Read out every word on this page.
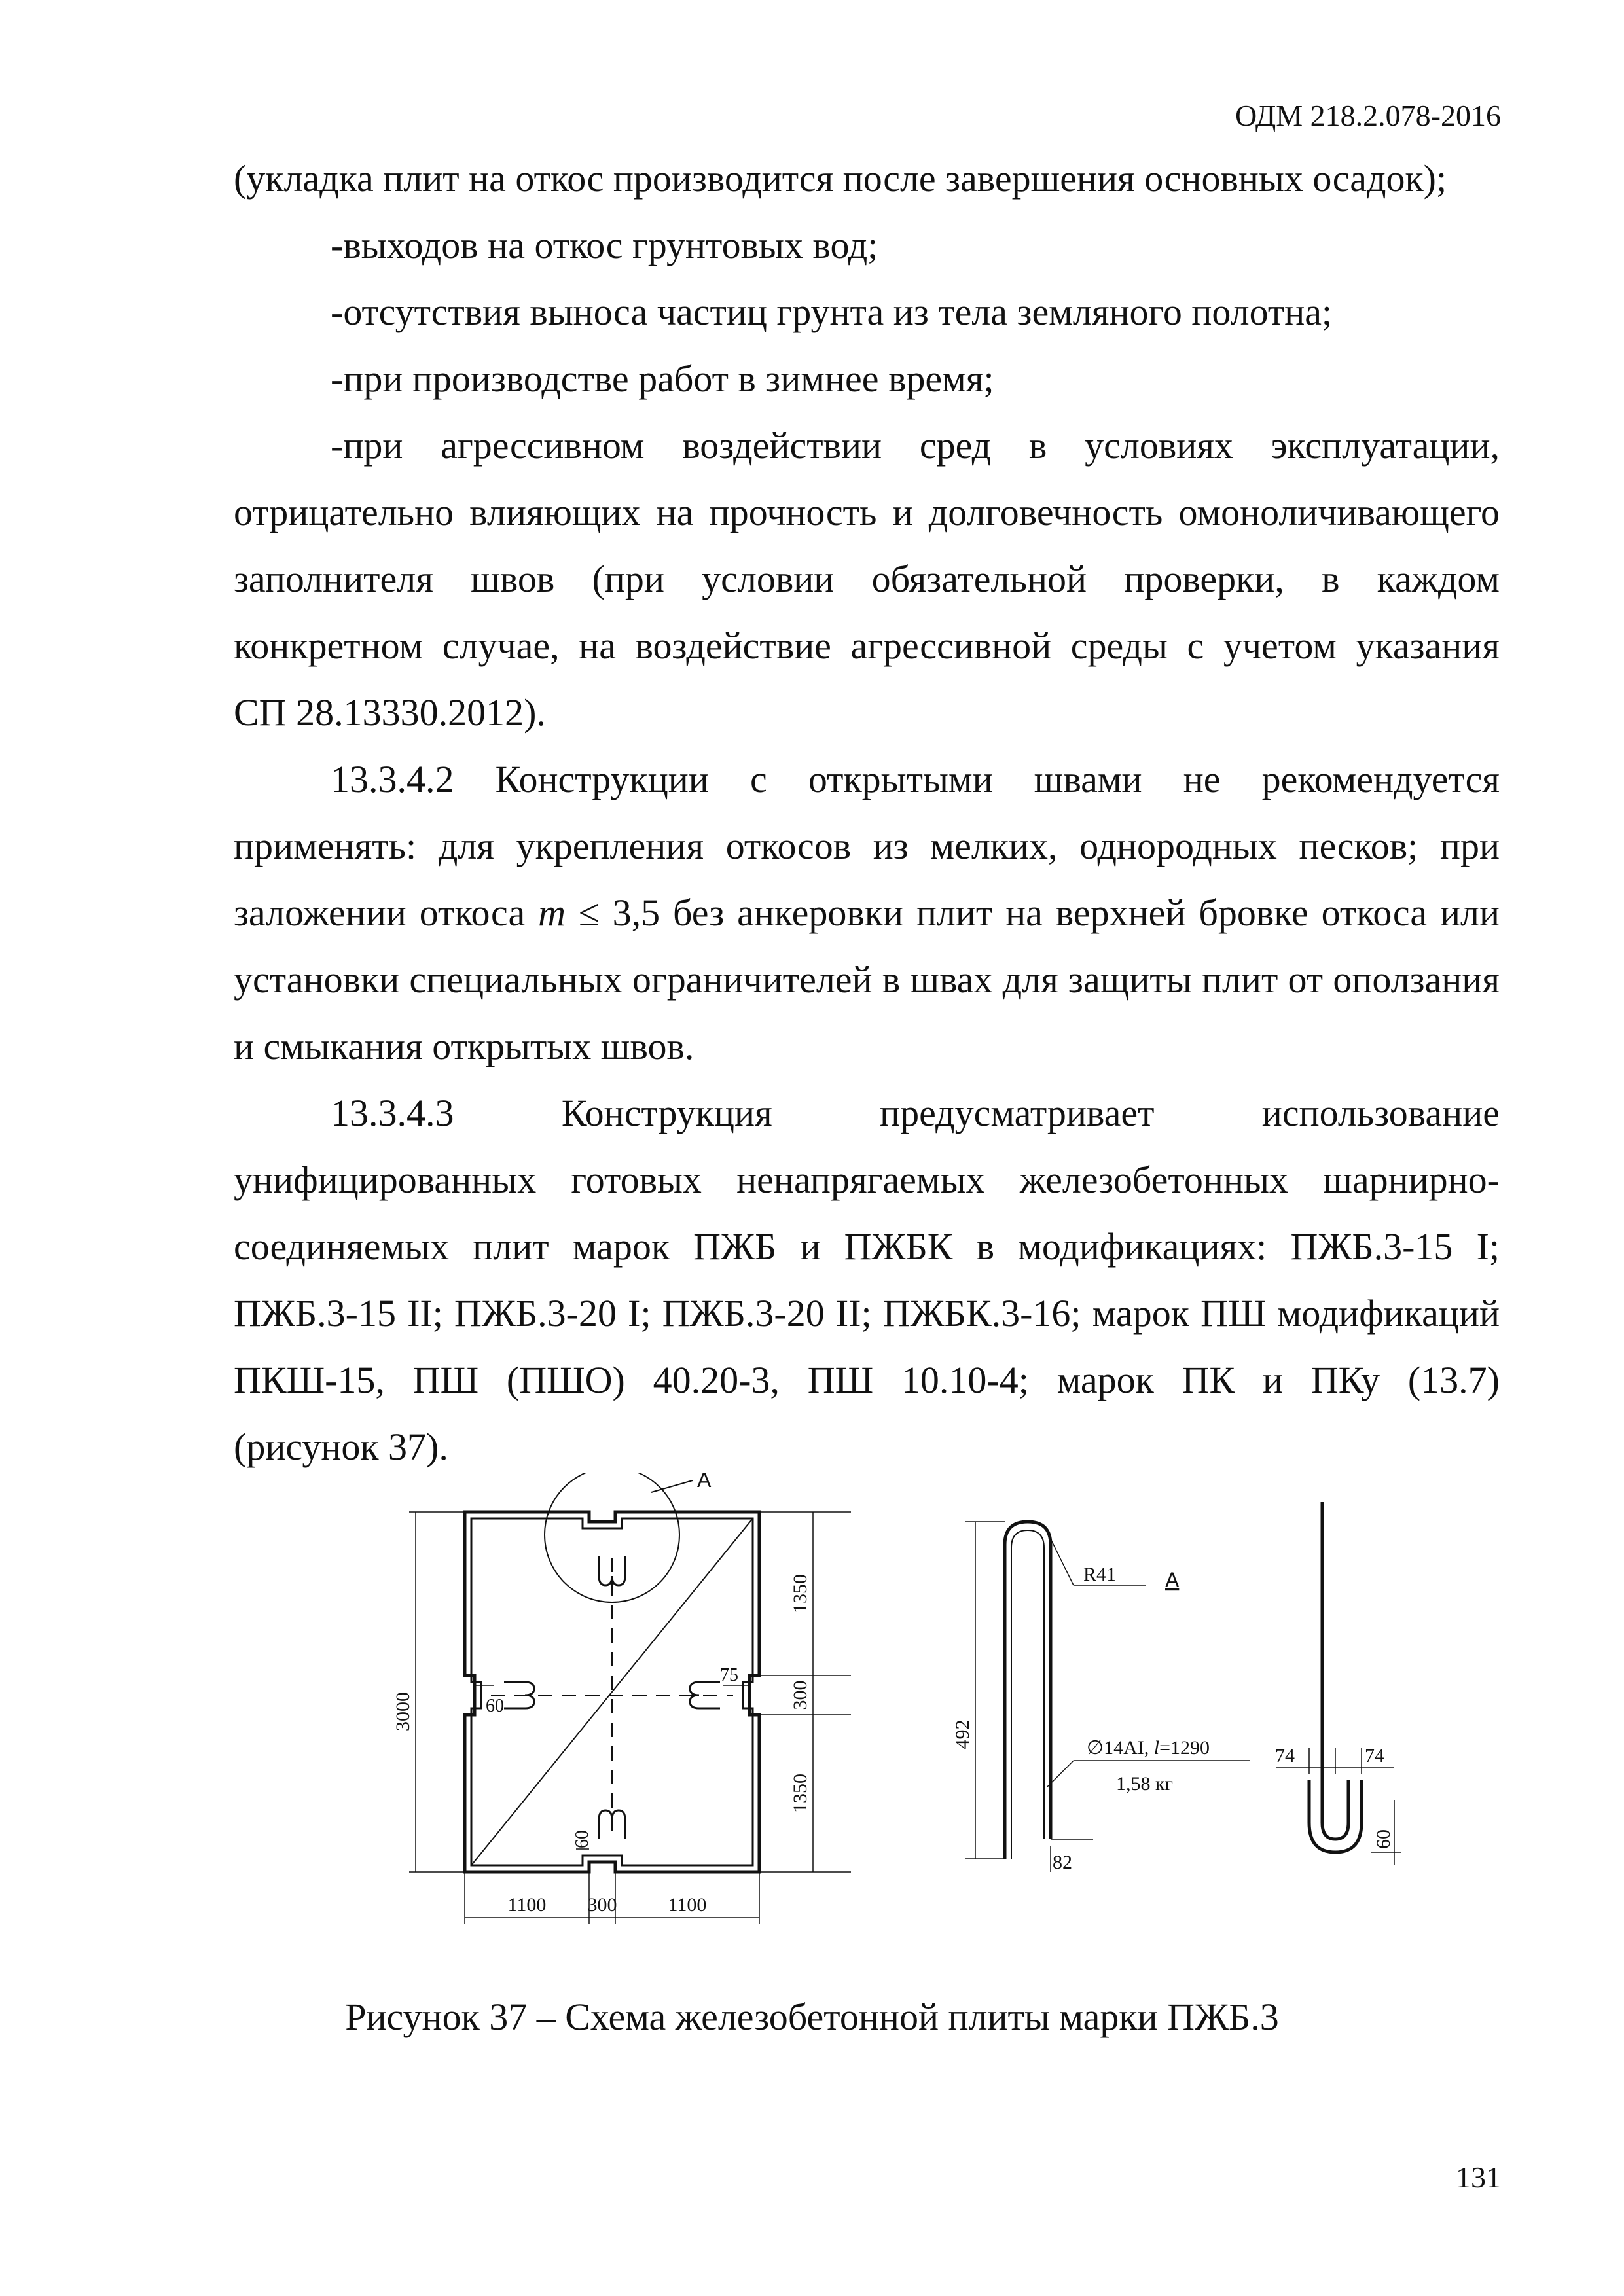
ОДМ 218.2.078-2016
(укладка плит на откос производится после завершения основных осадок);
-выходов на откос грунтовых вод;
-отсутствия выноса частиц грунта из тела земляного полотна;
-при производстве работ в зимнее время;
-при агрессивном воздействии сред в условиях эксплуатации,
отрицательно влияющих на прочность и долговечность омоноличивающего
заполнителя швов (при условии обязательной проверки, в каждом
конкретном случае, на воздействие агрессивной среды с учетом указания
СП 28.13330.2012).
13.3.4.2 Конструкции с открытыми швами не рекомендуется
применять: для укрепления откосов из мелких, однородных песков; при
заложении откоса m ≤ 3,5 без анкеровки плит на верхней бровке откоса или
установки специальных ограничителей в швах для защиты плит от оползания
и смыкания открытых швов.
13.3.4.3 Конструкция предусматривает использование
унифицированных готовых ненапрягаемых железобетонных шарнирно-
соединяемых плит марок ПЖБ и ПЖБК в модификациях: ПЖБ.3-15 I;
ПЖБ.3-15 II; ПЖБ.3-20 I; ПЖБ.3-20 II; ПЖБК.3-16; марок ПШ модификаций
ПКШ-15, ПШ (ПШО) 40.20-3, ПШ 10.10-4; марок ПК и ПКу (13.7)
(рисунок 37).
А
3000
1350
300
1350
60
75
60
1100 300	1100
А
R41
492	∅14AI, l=1290
1,58 кг
82
74	74
60
Рисунок 37 – Схема железобетонной плиты марки ПЖБ.3
131
